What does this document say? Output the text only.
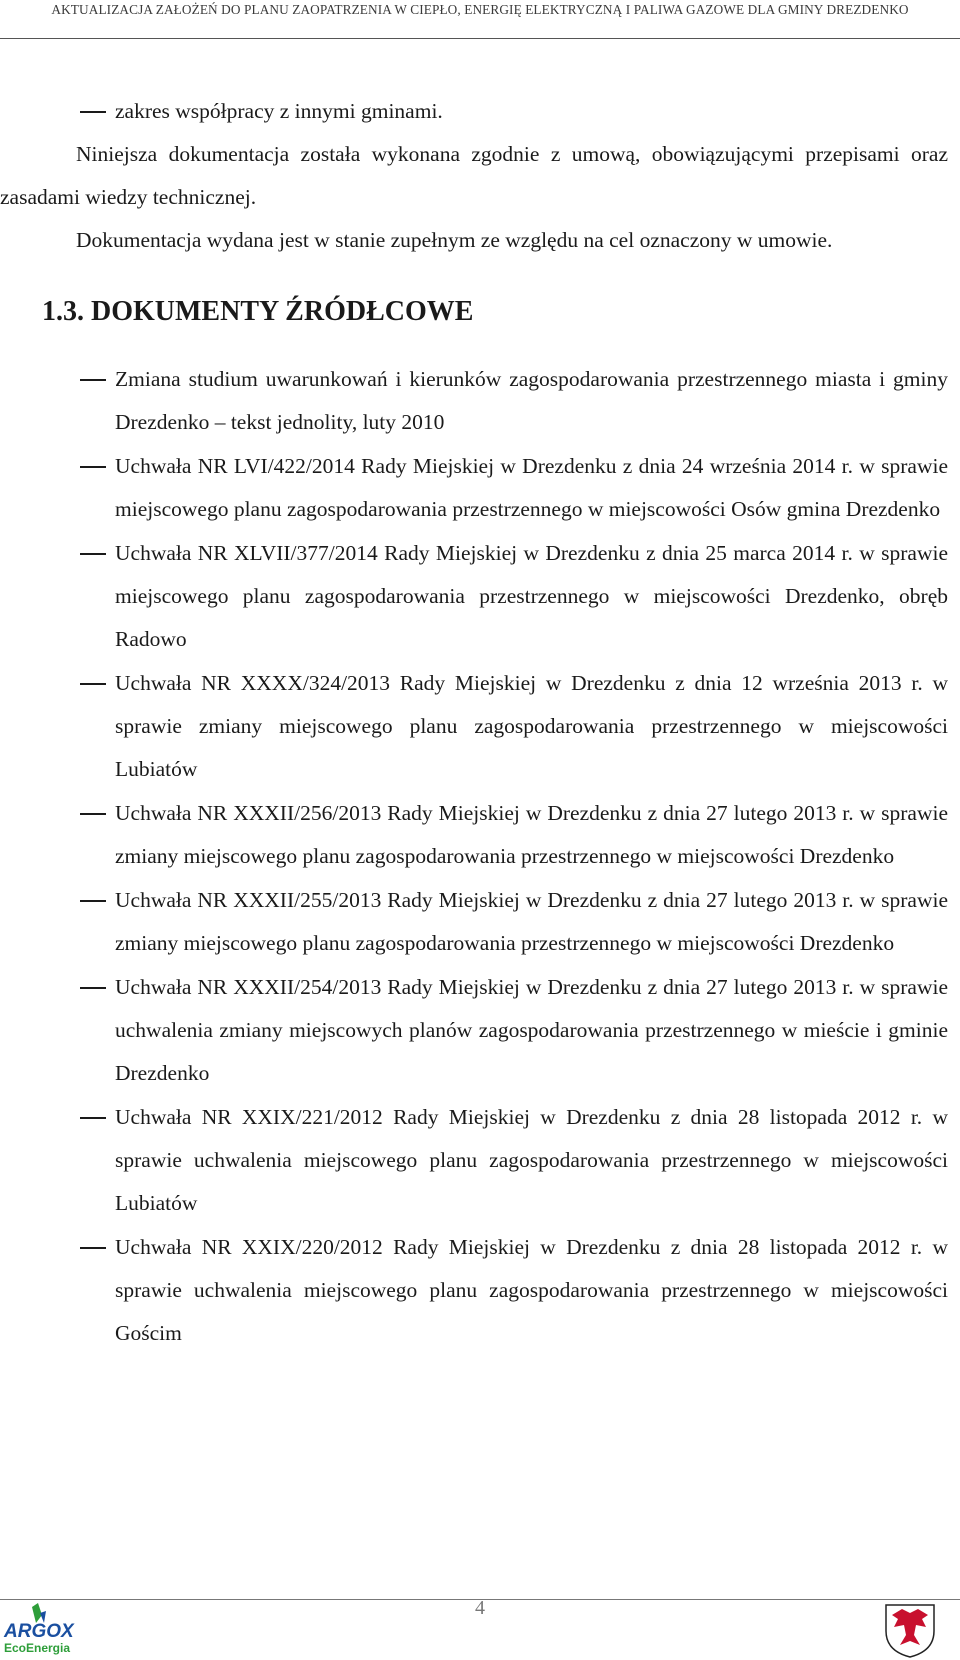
AKTUALIZACJA ZAŁOŻEŃ DO PLANU ZAOPATRZENIA W CIEPŁO, ENERGIĘ ELEKTRYCZNĄ I PALIWA GAZOWE DLA GMINY DREZDENKO
zakres współpracy z innymi gminami.
Niniejsza dokumentacja została wykonana zgodnie z umową, obowiązującymi przepisami oraz zasadami wiedzy technicznej.
Dokumentacja wydana jest w stanie zupełnym ze względu na cel oznaczony w umowie.
1.3. DOKUMENTY ŹRÓDŁCOWE
Zmiana studium uwarunkowań i kierunków zagospodarowania przestrzennego miasta i gminy Drezdenko – tekst jednolity, luty 2010
Uchwała NR LVI/422/2014 Rady Miejskiej w Drezdenku z dnia 24 września 2014 r. w sprawie miejscowego planu zagospodarowania przestrzennego w miejscowości Osów gmina Drezdenko
Uchwała NR XLVII/377/2014 Rady Miejskiej w Drezdenku z dnia 25 marca 2014 r. w sprawie miejscowego planu zagospodarowania przestrzennego w miejscowości Drezdenko, obręb Radowo
Uchwała NR XXXX/324/2013 Rady Miejskiej w Drezdenku z dnia 12 września 2013 r. w sprawie zmiany miejscowego planu zagospodarowania przestrzennego w miejscowości Lubiatów
Uchwała NR XXXII/256/2013 Rady Miejskiej w Drezdenku z dnia 27 lutego 2013 r. w sprawie zmiany miejscowego planu zagospodarowania przestrzennego w miejscowości Drezdenko
Uchwała NR XXXII/255/2013 Rady Miejskiej w Drezdenku z dnia 27 lutego 2013 r. w sprawie zmiany miejscowego planu zagospodarowania przestrzennego w miejscowości Drezdenko
Uchwała NR XXXII/254/2013 Rady Miejskiej w Drezdenku z dnia 27 lutego 2013 r. w sprawie uchwalenia zmiany miejscowych planów zagospodarowania przestrzennego w mieście i gminie Drezdenko
Uchwała NR XXIX/221/2012 Rady Miejskiej w Drezdenku z dnia 28 listopada 2012 r. w sprawie uchwalenia miejscowego planu zagospodarowania przestrzennego w miejscowości Lubiatów
Uchwała NR XXIX/220/2012 Rady Miejskiej w Drezdenku z dnia 28 listopada 2012 r. w sprawie uchwalenia miejscowego planu zagospodarowania przestrzennego w miejscowości Gościm
4
ARGOX
EcoEnergia
